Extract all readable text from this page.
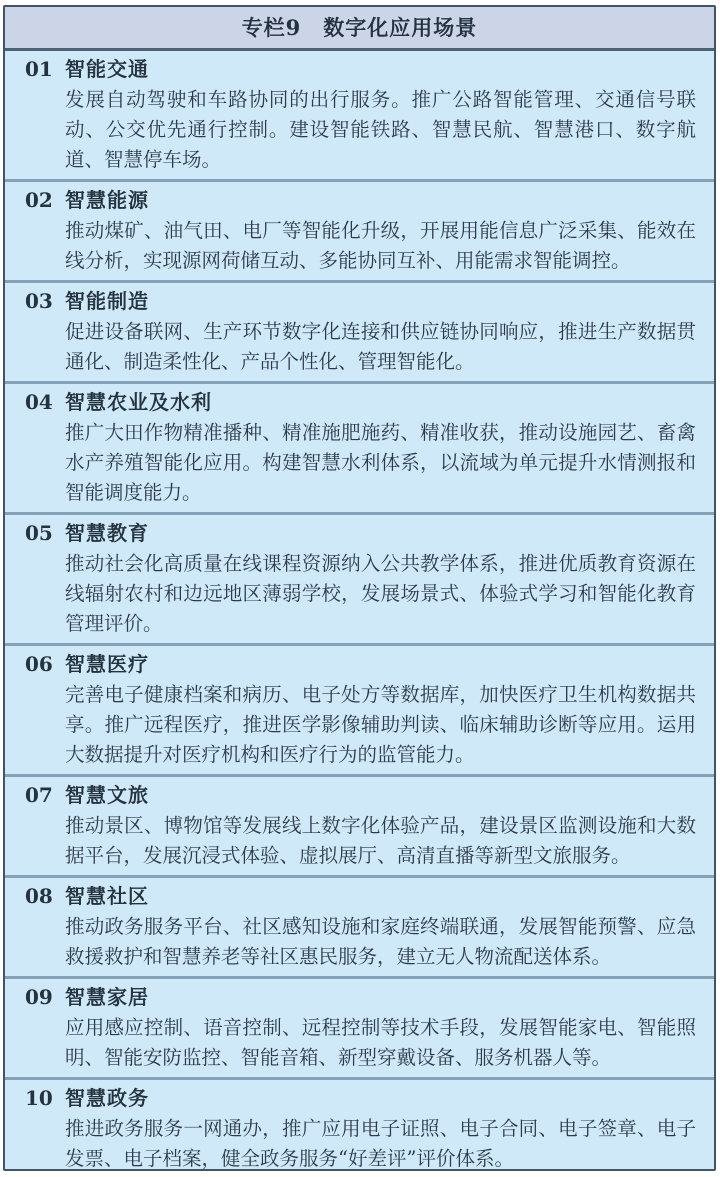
专栏9　数字化应用场景
01 智能交通
发展自动驾驶和车路协同的出行服务。推广公路智能管理、交通信号联动、公交优先通行控制。建设智能铁路、智慧民航、智慧港口、数字航道、智慧停车场。
02 智慧能源
推动煤矿、油气田、电厂等智能化升级，开展用能信息广泛采集、能效在线分析，实现源网荷储互动、多能协同互补、用能需求智能调控。
03 智能制造
促进设备联网、生产环节数字化连接和供应链协同响应，推进生产数据贯通化、制造柔性化、产品个性化、管理智能化。
04 智慧农业及水利
推广大田作物精准播种、精准施肥施药、精准收获，推动设施园艺、畜禽水产养殖智能化应用。构建智慧水利体系，以流域为单元提升水情测报和智能调度能力。
05 智慧教育
推动社会化高质量在线课程资源纳入公共教学体系，推进优质教育资源在线辐射农村和边远地区薄弱学校，发展场景式、体验式学习和智能化教育管理评价。
06 智慧医疗
完善电子健康档案和病历、电子处方等数据库，加快医疗卫生机构数据共享。推广远程医疗，推进医学影像辅助判读、临床辅助诊断等应用。运用大数据提升对医疗机构和医疗行为的监管能力。
07 智慧文旅
推动景区、博物馆等发展线上数字化体验产品，建设景区监测设施和大数据平台，发展沉浸式体验、虚拟展厅、高清直播等新型文旅服务。
08 智慧社区
推动政务服务平台、社区感知设施和家庭终端联通，发展智能预警、应急救援救护和智慧养老等社区惠民服务，建立无人物流配送体系。
09 智慧家居
应用感应控制、语音控制、远程控制等技术手段，发展智能家电、智能照明、智能安防监控、智能音箱、新型穿戴设备、服务机器人等。
10 智慧政务
推进政务服务一网通办，推广应用电子证照、电子合同、电子签章、电子发票、电子档案，健全政务服务“好差评”评价体系。
